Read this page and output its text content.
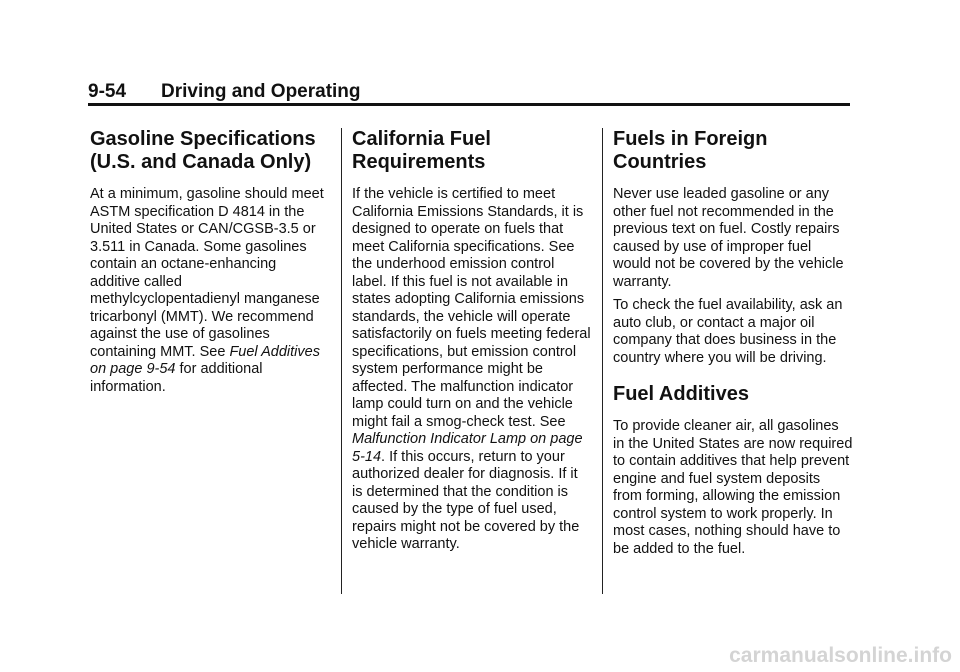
9-54 Driving and Operating
Gasoline Specifications
(U.S. and Canada Only)

At a minimum, gasoline should meet ASTM specification D 4814 in the United States or CAN/CGSB-3.5 or 3.511 in Canada. Some gasolines contain an octane-enhancing additive called methylcyclopentadienyl manganese tricarbonyl (MMT). We recommend against the use of gasolines containing MMT. See Fuel Additives on page 9-54 for additional information.

California Fuel
Requirements

If the vehicle is certified to meet California Emissions Standards, it is designed to operate on fuels that meet California specifications. See the underhood emission control label. If this fuel is not available in states adopting California emissions standards, the vehicle will operate satisfactorily on fuels meeting federal specifications, but emission control system performance might be affected. The malfunction indicator lamp could turn on and the vehicle might fail a smog-check test. See Malfunction Indicator Lamp on page 5-14. If this occurs, return to your authorized dealer for diagnosis. If it is determined that the condition is caused by the type of fuel used, repairs might not be covered by the vehicle warranty.

Fuels in Foreign
Countries

Never use leaded gasoline or any other fuel not recommended in the previous text on fuel. Costly repairs caused by use of improper fuel would not be covered by the vehicle warranty.

To check the fuel availability, ask an auto club, or contact a major oil company that does business in the country where you will be driving.

Fuel Additives

To provide cleaner air, all gasolines in the United States are now required to contain additives that help prevent engine and fuel system deposits from forming, allowing the emission control system to work properly. In most cases, nothing should have to be added to the fuel.

carmanualsonline.info
